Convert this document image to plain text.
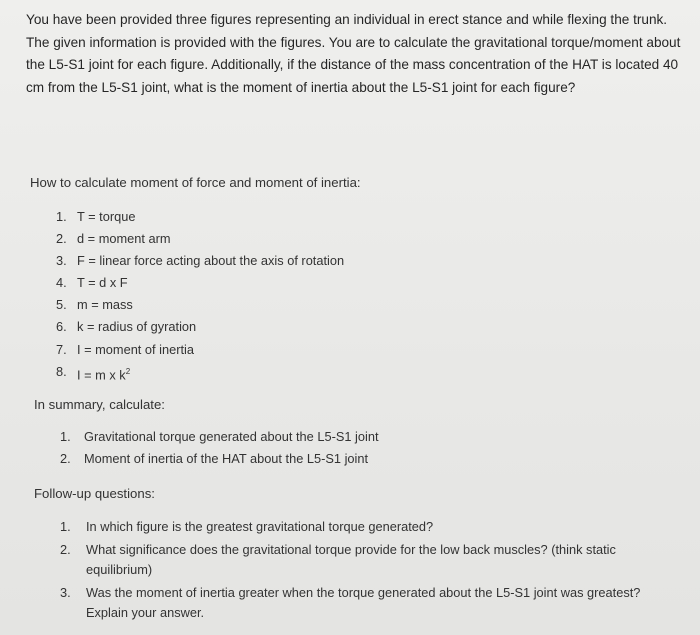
You have been provided three figures representing an individual in erect stance and while flexing the trunk. The given information is provided with the figures. You are to calculate the gravitational torque/moment about the L5-S1 joint for each figure. Additionally, if the distance of the mass concentration of the HAT is located 40 cm from the L5-S1 joint, what is the moment of inertia about the L5-S1 joint for each figure?
How to calculate moment of force and moment of inertia:
1. T = torque
2. d = moment arm
3. F = linear force acting about the axis of rotation
4. T = d x F
5. m = mass
6. k = radius of gyration
7. I = moment of inertia
8. I = m x $k^2$
In summary, calculate:
1. Gravitational torque generated about the L5-S1 joint
2. Moment of inertia of the HAT about the L5-S1 joint
Follow-up questions:
1. In which figure is the greatest gravitational torque generated?
2. What significance does the gravitational torque provide for the low back muscles? (think static equilibrium)
3. Was the moment of inertia greater when the torque generated about the L5-S1 joint was greatest? Explain your answer.
